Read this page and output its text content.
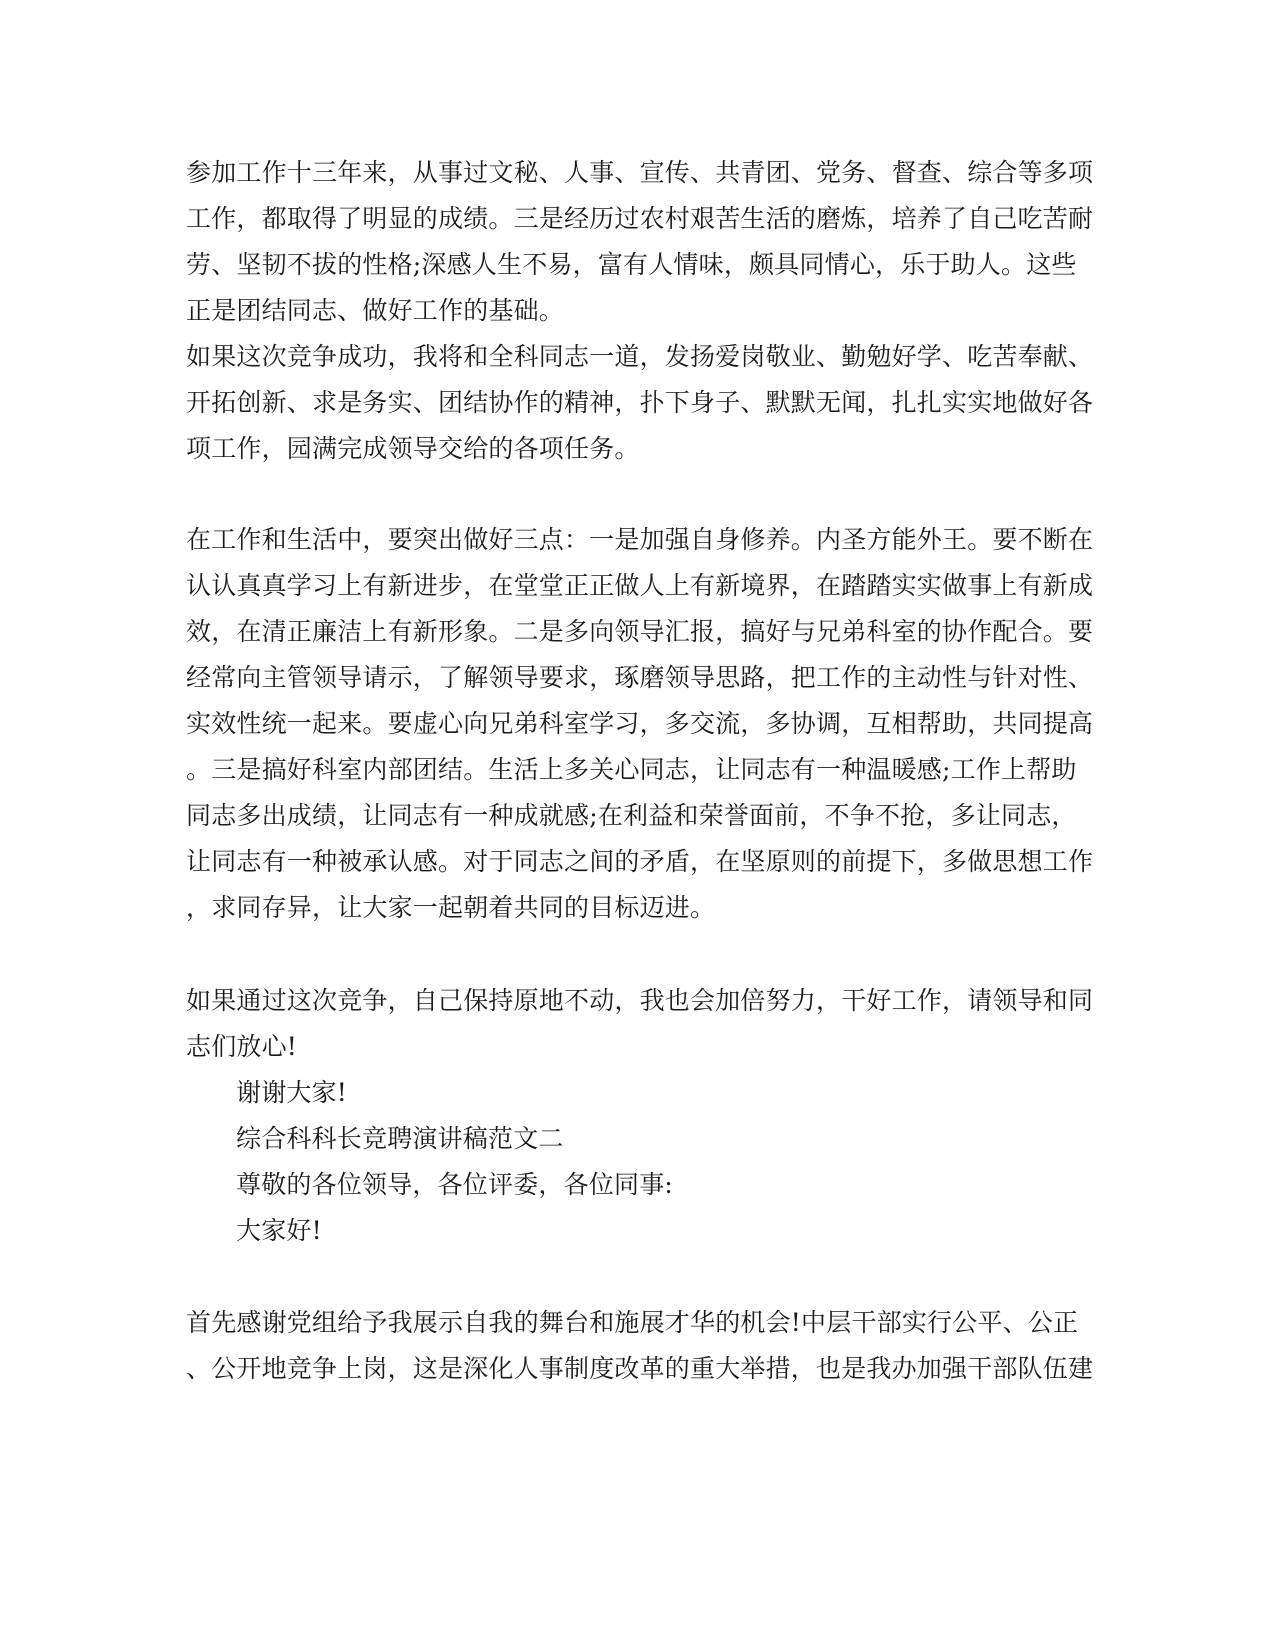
参加工作十三年来，从事过文秘、人事、宣传、共青团、党务、督查、综合等多项

工作，都取得了明显的成绩。三是经历过农村艰苦生活的磨炼，培养了自己吃苦耐

劳、坚韧不拔的性格;深感人生不易，富有人情味，颇具同情心，乐于助人。这些

正是团结同志、做好工作的基础。

如果这次竞争成功，我将和全科同志一道，发扬爱岗敬业、勤勉好学、吃苦奉献、

开拓创新、求是务实、团结协作的精神，扑下身子、默默无闻，扎扎实实地做好各

项工作，园满完成领导交给的各项任务。

在工作和生活中，要突出做好三点：一是加强自身修养。内圣方能外王。要不断在

认认真真学习上有新进步，在堂堂正正做人上有新境界，在踏踏实实做事上有新成

效，在清正廉洁上有新形象。二是多向领导汇报，搞好与兄弟科室的协作配合。要

经常向主管领导请示，了解领导要求，琢磨领导思路，把工作的主动性与针对性、

实效性统一起来。要虚心向兄弟科室学习，多交流，多协调，互相帮助，共同提高

。三是搞好科室内部团结。生活上多关心同志，让同志有一种温暖感;工作上帮助

同志多出成绩，让同志有一种成就感;在利益和荣誉面前，不争不抢，多让同志，

让同志有一种被承认感。对于同志之间的矛盾，在坚原则的前提下，多做思想工作

，求同存异，让大家一起朝着共同的目标迈进。

如果通过这次竞争，自己保持原地不动，我也会加倍努力，干好工作，请领导和同

志们放心!

谢谢大家!

综合科科长竞聘演讲稿范文二

尊敬的各位领导，各位评委，各位同事:

大家好!

首先感谢党组给予我展示自我的舞台和施展才华的机会!中层干部实行公平、公正

、公开地竞争上岗，这是深化人事制度改革的重大举措，也是我办加强干部队伍建
